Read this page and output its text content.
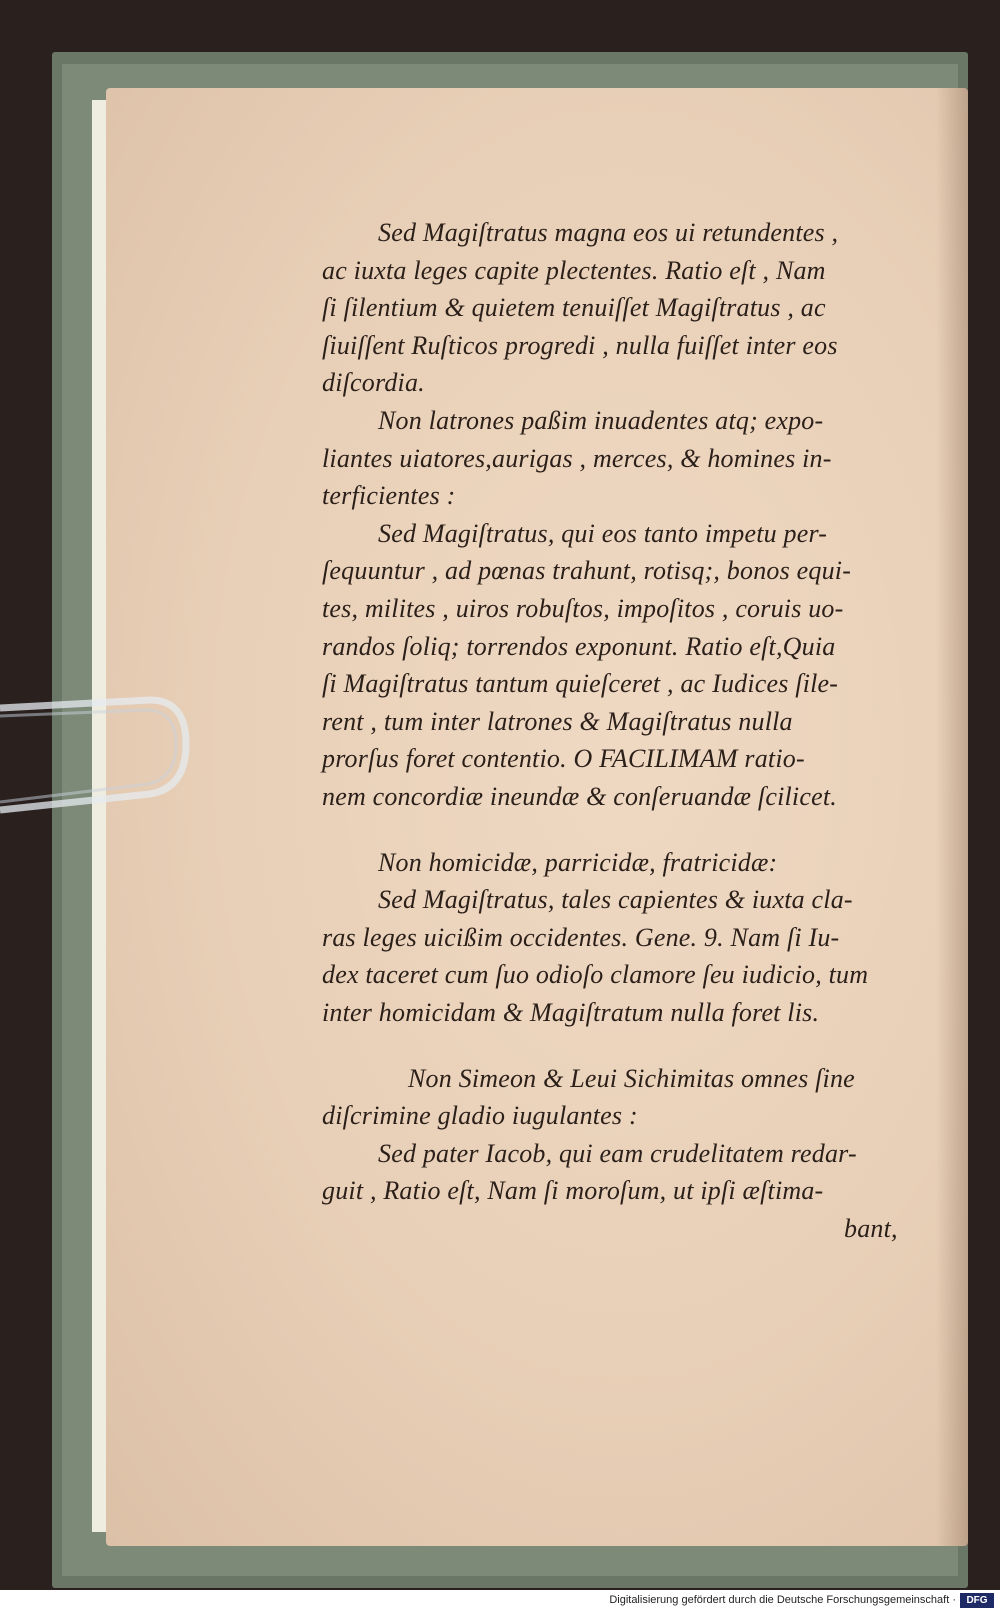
Sed Magiſtratus magna eos ui retundentes ,
ac iuxta leges capite plectentes. Ratio eſt , Nam
ſi ſilentium & quietem tenuiſſet Magiſtratus , ac
ſiuiſſent Ruſticos progredi , nulla fuiſſet inter eos
diſcordia.
Non latrones paßim inuadentes atq; expo-
liantes uiatores,aurigas , merces, & homines in-
terficientes :
Sed Magiſtratus, qui eos tanto impetu per-
ſequuntur , ad pœnas trahunt, rotisq;, bonos equi-
tes, milites , uiros robuſtos, impoſitos , coruis uo-
randos ſoliq; torrendos exponunt. Ratio eſt,Quia
ſi Magiſtratus tantum quieſceret , ac Iudices ſile-
rent , tum inter latrones & Magiſtratus nulla
prorſus foret contentio. O FACILIMAM ratio-
nem concordiæ ineundæ & conſeruandæ ſcilicet.
Non homicidæ, parricidæ, fratricidæ:
Sed Magiſtratus, tales capientes & iuxta cla-
ras leges uicißim occidentes. Gene. 9. Nam ſi Iu-
dex taceret cum ſuo odioſo clamore ſeu iudicio, tum
inter homicidam & Magiſtratum nulla foret lis.
Non Simeon & Leui Sichimitas omnes ſine
diſcrimine gladio iugulantes :
Sed pater Iacob, qui eam crudelitatem redar-
guit , Ratio eſt, Nam ſi moroſum, ut ipſi æſtima-
bant,
Digitalisierung gefördert durch die Deutsche Forschungsgemeinschaft ·	DFG
